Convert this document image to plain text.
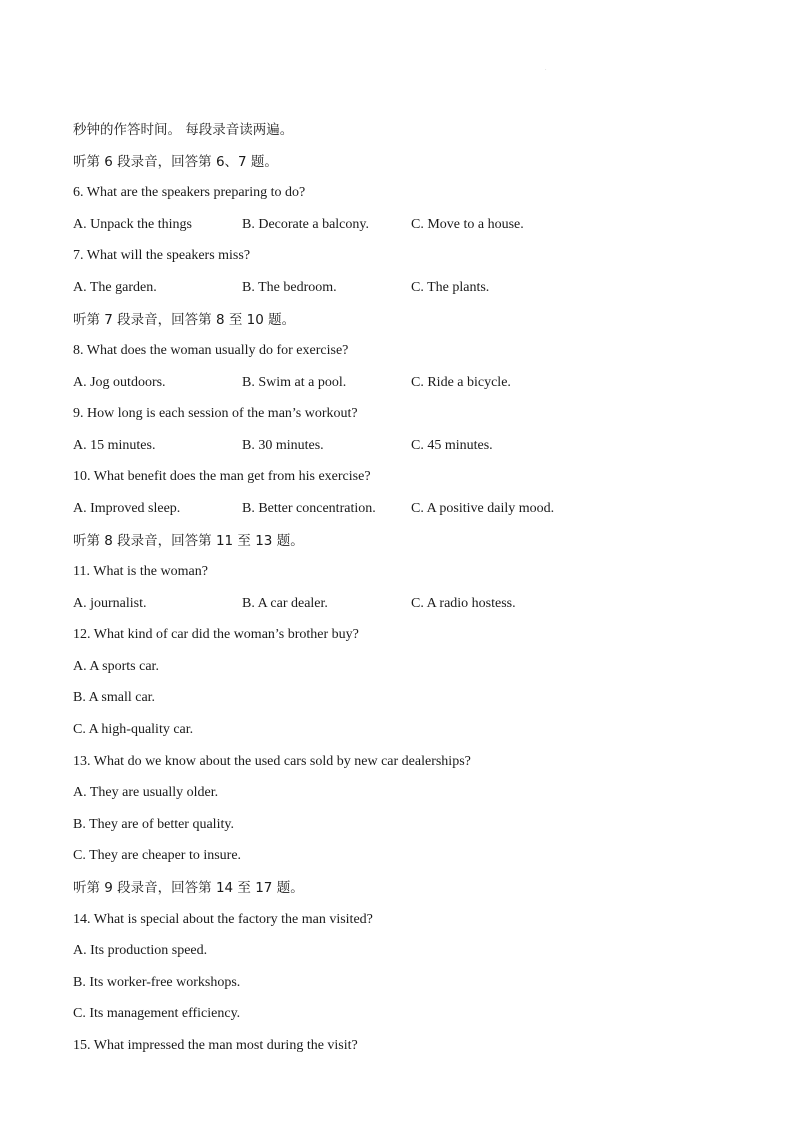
.
秒钟的作答时间。 每段录音读两遍。
听第 6 段录音，回答第 6、7 题。
6. What are the speakers preparing to do?
A. Unpack the things	B. Decorate a balcony.	C. Move to a house.
7. What will the speakers miss?
A. The garden.	B. The bedroom.	C. The plants.
听第 7 段录音，回答第 8 至 10 题。
8. What does the woman usually do for exercise?
A. Jog outdoors.	B. Swim at a pool.	C. Ride a bicycle.
9. How long is each session of the man’s workout?
A. 15 minutes.	B. 30 minutes.	C. 45 minutes.
10. What benefit does the man get from his exercise?
A. Improved sleep.	B. Better concentration.	C. A positive daily mood.
听第 8 段录音，回答第 11 至 13 题。
11. What is the woman?
A. journalist.	B. A car dealer.	C. A radio hostess.
12. What kind of car did the woman’s brother buy?
A. A sports car.
B. A small car.
C. A high-quality car.
13. What do we know about the used cars sold by new car dealerships?
A. They are usually older.
B. They are of better quality.
C. They are cheaper to insure.
听第 9 段录音，回答第 14 至 17 题。
14. What is special about the factory the man visited?
A. Its production speed.
B. Its worker-free workshops.
C. Its management efficiency.
15. What impressed the man most during the visit?
